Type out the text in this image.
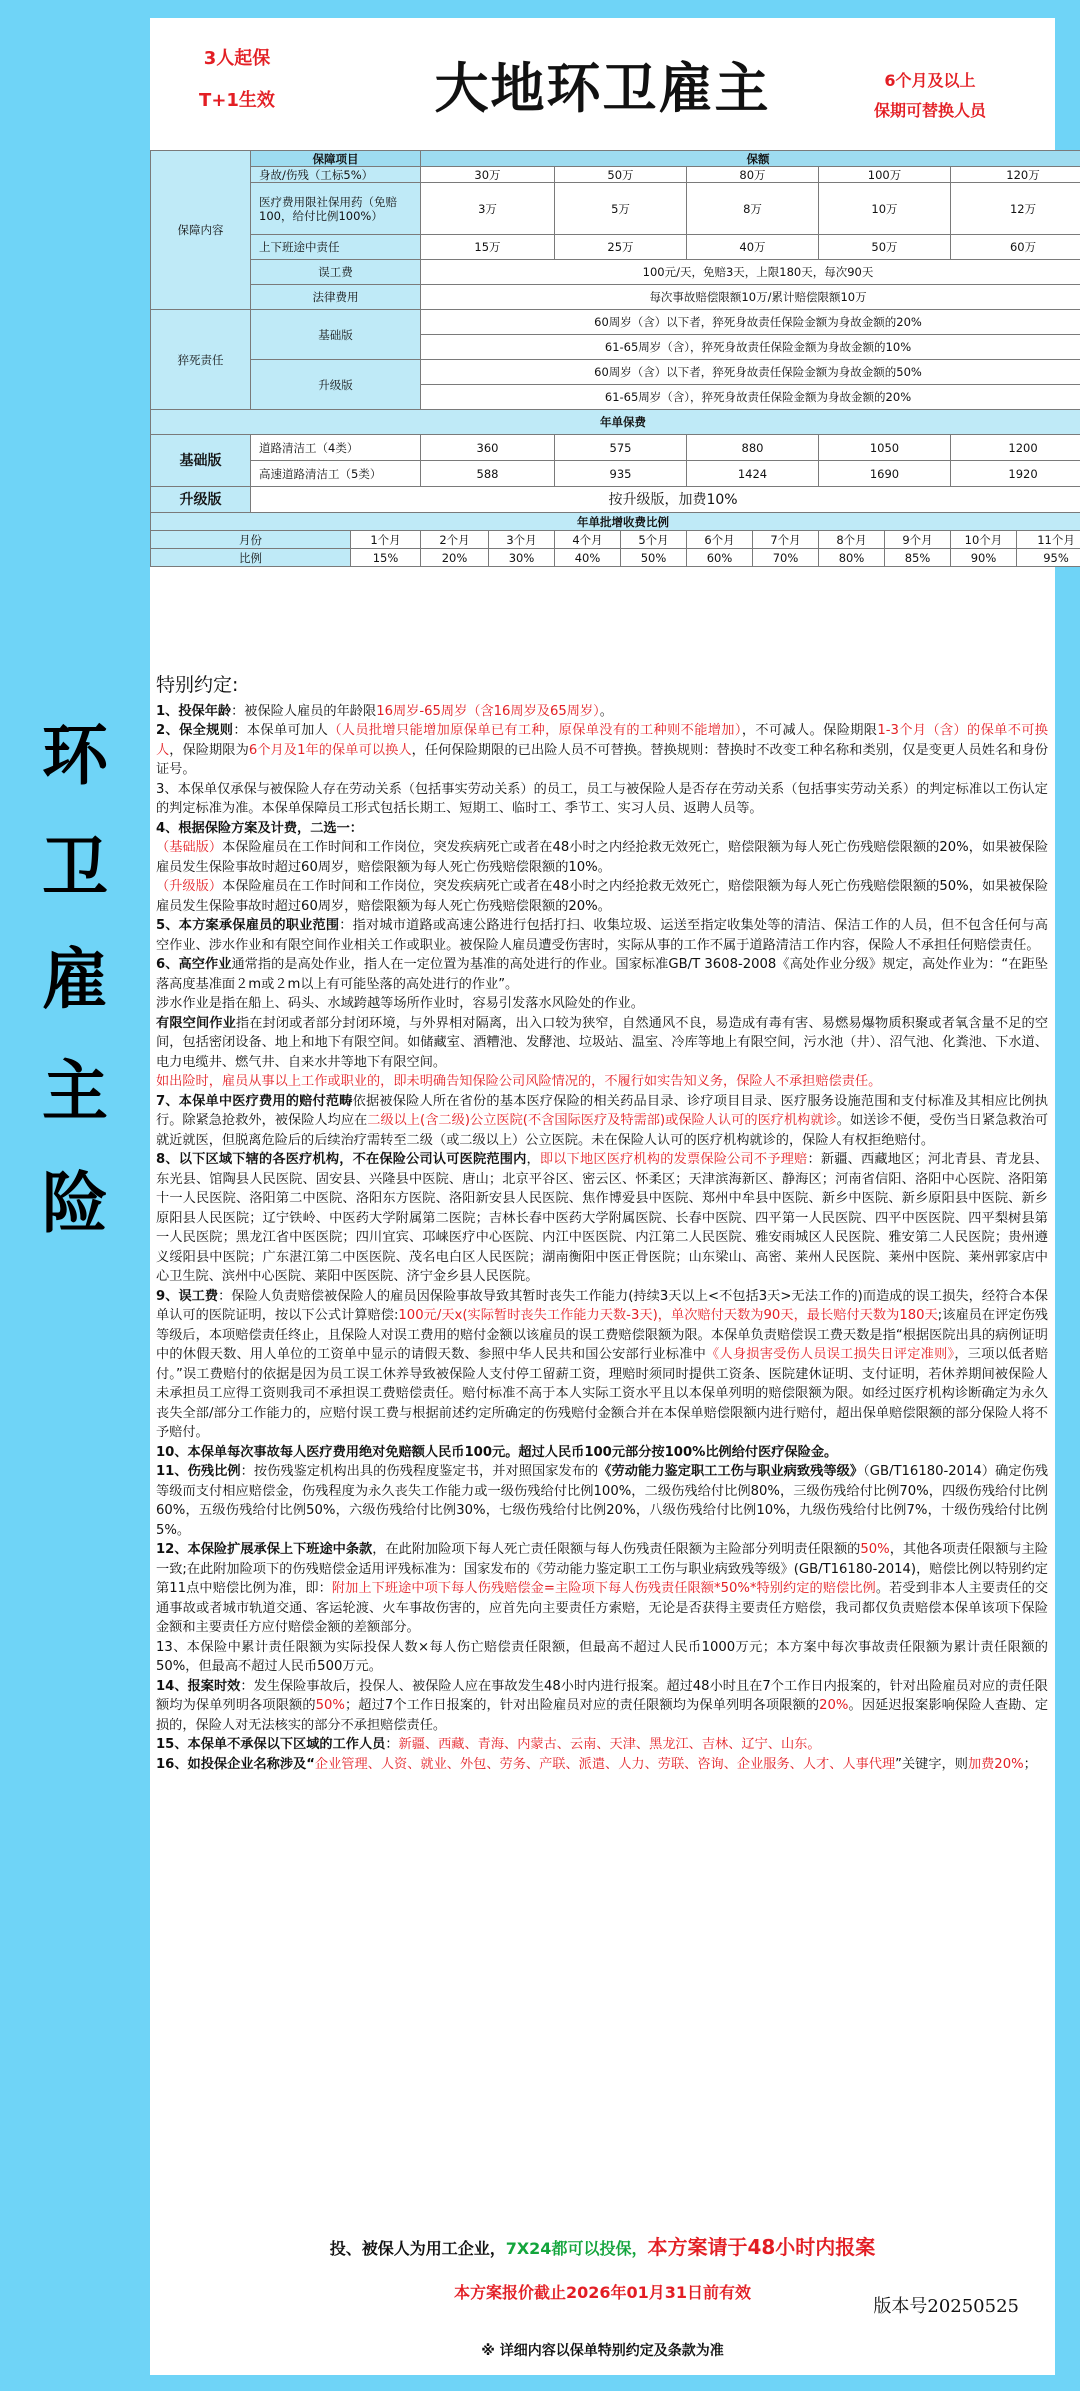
环
卫
雇
主
险
3人起保
T+1生效	大地环卫雇主	6个月及以上
保期可替换人员
保障内容	保障项目		保额									
	身故/伤残（工标5%）		30万		50万		80万		100万		120万	
	医疗费用限社保用药（免赔100，给付比例100%）		3万		5万		8万		10万		12万	
	上下班途中责任		15万		25万		40万		50万		60万	
	误工费		100元/天，免赔3天，上限180天，每次90天									
	法律费用		每次事故赔偿限额10万/累计赔偿限额10万									

猝死责任	基础版		60周岁（含）以下者，猝死身故责任保险金额为身故金额的20%									
			61-65周岁（含），猝死身故责任保险金额为身故金额的10%									
	升级版		60周岁（含）以下者，猝死身故责任保险金额为身故金额的50%									
			61-65周岁（含），猝死身故责任保险金额为身故金额的20%									
年单保费												
基础版	道路清洁工（4类）		360		575		880		1050		1200	
	高速道路清洁工（5类）		588		935		1424		1690		1920	
升级版	按升级版，加费10%											
年单批增收费比例												
月份		1个月	2个月	3个月	4个月	5个月	6个月	7个月	8个月	9个月	10个月	11个月
比例		15%	20%	30%	40%	50%	60%	70%	80%	85%	90%	95%
特别约定:

1、投保年龄：被保险人雇员的年龄限16周岁-65周岁（含16周岁及65周岁）。

2、保全规则：本保单可加人（人员批增只能增加原保单已有工种，原保单没有的工种则不能增加），不可减人。保险期限1-3个月（含）的保单不可换人，保险期限为6个月及1年的保单可以换人，任何保险期限的已出险人员不可替换。替换规则：替换时不改变工种名称和类别，仅是变更人员姓名和身份证号。

3、本保单仅承保与被保险人存在劳动关系（包括事实劳动关系）的员工，员工与被保险人是否存在劳动关系（包括事实劳动关系）的判定标准以工伤认定的判定标准为准。本保单保障员工形式包括长期工、短期工、临时工、季节工、实习人员、返聘人员等。

4、根据保险方案及计费，二选一：

（基础版）本保险雇员在工作时间和工作岗位，突发疾病死亡或者在48小时之内经抢救无效死亡，赔偿限额为每人死亡伤残赔偿限额的20%，如果被保险雇员发生保险事故时超过60周岁，赔偿限额为每人死亡伤残赔偿限额的10%。

（升级版）本保险雇员在工作时间和工作岗位，突发疾病死亡或者在48小时之内经抢救无效死亡，赔偿限额为每人死亡伤残赔偿限额的50%，如果被保险雇员发生保险事故时超过60周岁，赔偿限额为每人死亡伤残赔偿限额的20%。

5、本方案承保雇员的职业范围：指对城市道路或高速公路进行包括打扫、收集垃圾、运送至指定收集处等的清洁、保洁工作的人员，但不包含任何与高空作业、涉水作业和有限空间作业相关工作或职业。被保险人雇员遭受伤害时，实际从事的工作不属于道路清洁工作内容，保险人不承担任何赔偿责任。

6、高空作业通常指的是高处作业，指人在一定位置为基准的高处进行的作业。国家标准GB/T 3608-2008《高处作业分级》规定，高处作业为：“在距坠落高度基准面２m或２m以上有可能坠落的高处进行的作业”。

涉水作业是指在船上、码头、水域跨越等场所作业时，容易引发落水风险处的作业。

有限空间作业指在封闭或者部分封闭环境，与外界相对隔离，出入口较为狭窄，自然通风不良，易造成有毒有害、易燃易爆物质积聚或者氧含量不足的空间，包括密闭设备、地上和地下有限空间。如储藏室、酒糟池、发酵池、垃圾站、温室、冷库等地上有限空间，污水池（井）、沼气池、化粪池、下水道、电力电缆井、燃气井、自来水井等地下有限空间。

如出险时，雇员从事以上工作或职业的，即未明确告知保险公司风险情况的，不履行如实告知义务，保险人不承担赔偿责任。

7、本保单中医疗费用的赔付范畴依据被保险人所在省份的基本医疗保险的相关药品目录、诊疗项目目录、医疗服务设施范围和支付标准及其相应比例执行。除紧急抢救外，被保险人均应在二级以上(含二级)公立医院(不含国际医疗及特需部)或保险人认可的医疗机构就诊。如送诊不便，受伤当日紧急救治可就近就医，但脱离危险后的后续治疗需转至二级（或二级以上）公立医院。未在保险人认可的医疗机构就诊的，保险人有权拒绝赔付。

8、以下区域下辖的各医疗机构，不在保险公司认可医院范围内，即以下地区医疗机构的发票保险公司不予理赔：新疆、西藏地区；河北青县、青龙县、东光县、馆陶县人民医院、固安县、兴隆县中医院、唐山；北京平谷区、密云区、怀柔区；天津滨海新区、静海区；河南省信阳、洛阳中心医院、洛阳第十一人民医院、洛阳第二中医院、洛阳东方医院、洛阳新安县人民医院、焦作博爱县中医院、郑州中牟县中医院、新乡中医院、新乡原阳县中医院、新乡原阳县人民医院；辽宁铁岭、中医药大学附属第二医院；吉林长春中医药大学附属医院、长春中医院、四平第一人民医院、四平中医医院、四平梨树县第一人民医院；黑龙江省中医医院；四川宜宾、邛崃医疗中心医院、内江中医医院、内江第二人民医院、雅安雨城区人民医院、雅安第二人民医院；贵州遵义绥阳县中医院；广东湛江第二中医医院、茂名电白区人民医院；湖南衡阳中医正骨医院；山东梁山、高密、莱州人民医院、莱州中医院、莱州郭家店中心卫生院、滨州中心医院、莱阳中医医院、济宁金乡县人民医院。

9、误工费：保险人负责赔偿被保险人的雇员因保险事故导致其暂时丧失工作能力(持续3天以上<不包括3天>无法工作的)而造成的误工损失，经符合本保单认可的医院证明，按以下公式计算赔偿:100元/天x(实际暂时丧失工作能力天数-3天)，单次赔付天数为90天，最长赔付天数为180天;该雇员在评定伤残等级后，本项赔偿责任终止，且保险人对误工费用的赔付金额以该雇员的误工费赔偿限额为限。本保单负责赔偿误工费天数是指“根据医院出具的病例证明中的休假天数、用人单位的工资单中显示的请假天数、参照中华人民共和国公安部行业标准中《人身损害受伤人员误工损失日评定准则》，三项以低者赔付。”误工费赔付的依据是因为员工误工休养导致被保险人支付停工留薪工资，理赔时须同时提供工资条、医院建休证明、支付证明，若休养期间被保险人未承担员工应得工资则我司不承担误工费赔偿责任。赔付标准不高于本人实际工资水平且以本保单列明的赔偿限额为限。如经过医疗机构诊断确定为永久丧失全部/部分工作能力的，应赔付误工费与根据前述约定所确定的伤残赔付金额合并在本保单赔偿限额内进行赔付，超出保单赔偿限额的部分保险人将不予赔付。

10、本保单每次事故每人医疗费用绝对免赔额人民币100元。超过人民币100元部分按100%比例给付医疗保险金。

11、伤残比例：按伤残鉴定机构出具的伤残程度鉴定书，并对照国家发布的《劳动能力鉴定职工工伤与职业病致残等级》（GB/T16180-2014）确定伤残等级而支付相应赔偿金，伤残程度为永久丧失工作能力或一级伤残给付比例100%，二级伤残给付比例80%，三级伤残给付比例70%，四级伤残给付比例60%，五级伤残给付比例50%，六级伤残给付比例30%，七级伤残给付比例20%，八级伤残给付比例10%，九级伤残给付比例7%，十级伤残给付比例5%。

12、本保险扩展承保上下班途中条款，在此附加险项下每人死亡责任限额与每人伤残责任限额为主险部分列明责任限额的50%，其他各项责任限额与主险一致;在此附加险项下的伤残赔偿金适用评残标准为：国家发布的《劳动能力鉴定职工工伤与职业病致残等级》(GB/T16180-2014)，赔偿比例以特别约定第11点中赔偿比例为准，即：附加上下班途中项下每人伤残赔偿金=主险项下每人伤残责任限额*50%*特别约定的赔偿比例。若受到非本人主要责任的交通事故或者城市轨道交通、客运轮渡、火车事故伤害的，应首先向主要责任方索赔，无论是否获得主要责任方赔偿，我司都仅负责赔偿本保单该项下保险金额和主要责任方应付赔偿金额的差额部分。

13、本保险中累计责任限额为实际投保人数×每人伤亡赔偿责任限额，但最高不超过人民币1000万元；本方案中每次事故责任限额为累计责任限额的50%，但最高不超过人民币500万元。

14、报案时效：发生保险事故后，投保人、被保险人应在事故发生48小时内进行报案。超过48小时且在7个工作日内报案的，针对出险雇员对应的责任限额均为保单列明各项限额的50%；超过7个工作日报案的，针对出险雇员对应的责任限额均为保单列明各项限额的20%。因延迟报案影响保险人查勘、定损的，保险人对无法核实的部分不承担赔偿责任。

15、本保单不承保以下区域的工作人员：新疆、西藏、青海、内蒙古、云南、天津、黑龙江、吉林、辽宁、山东。

16、如投保企业名称涉及“企业管理、人资、就业、外包、劳务、产联、派遣、人力、劳联、咨询、企业服务、人才、人事代理”关键字，则加费20%；

投、被保人为用工企业，7X24都可以投保，本方案请于48小时内报案
本方案报价截止2026年01月31日前有效
版本号20250525
※ 详细内容以保单特别约定及条款为准
